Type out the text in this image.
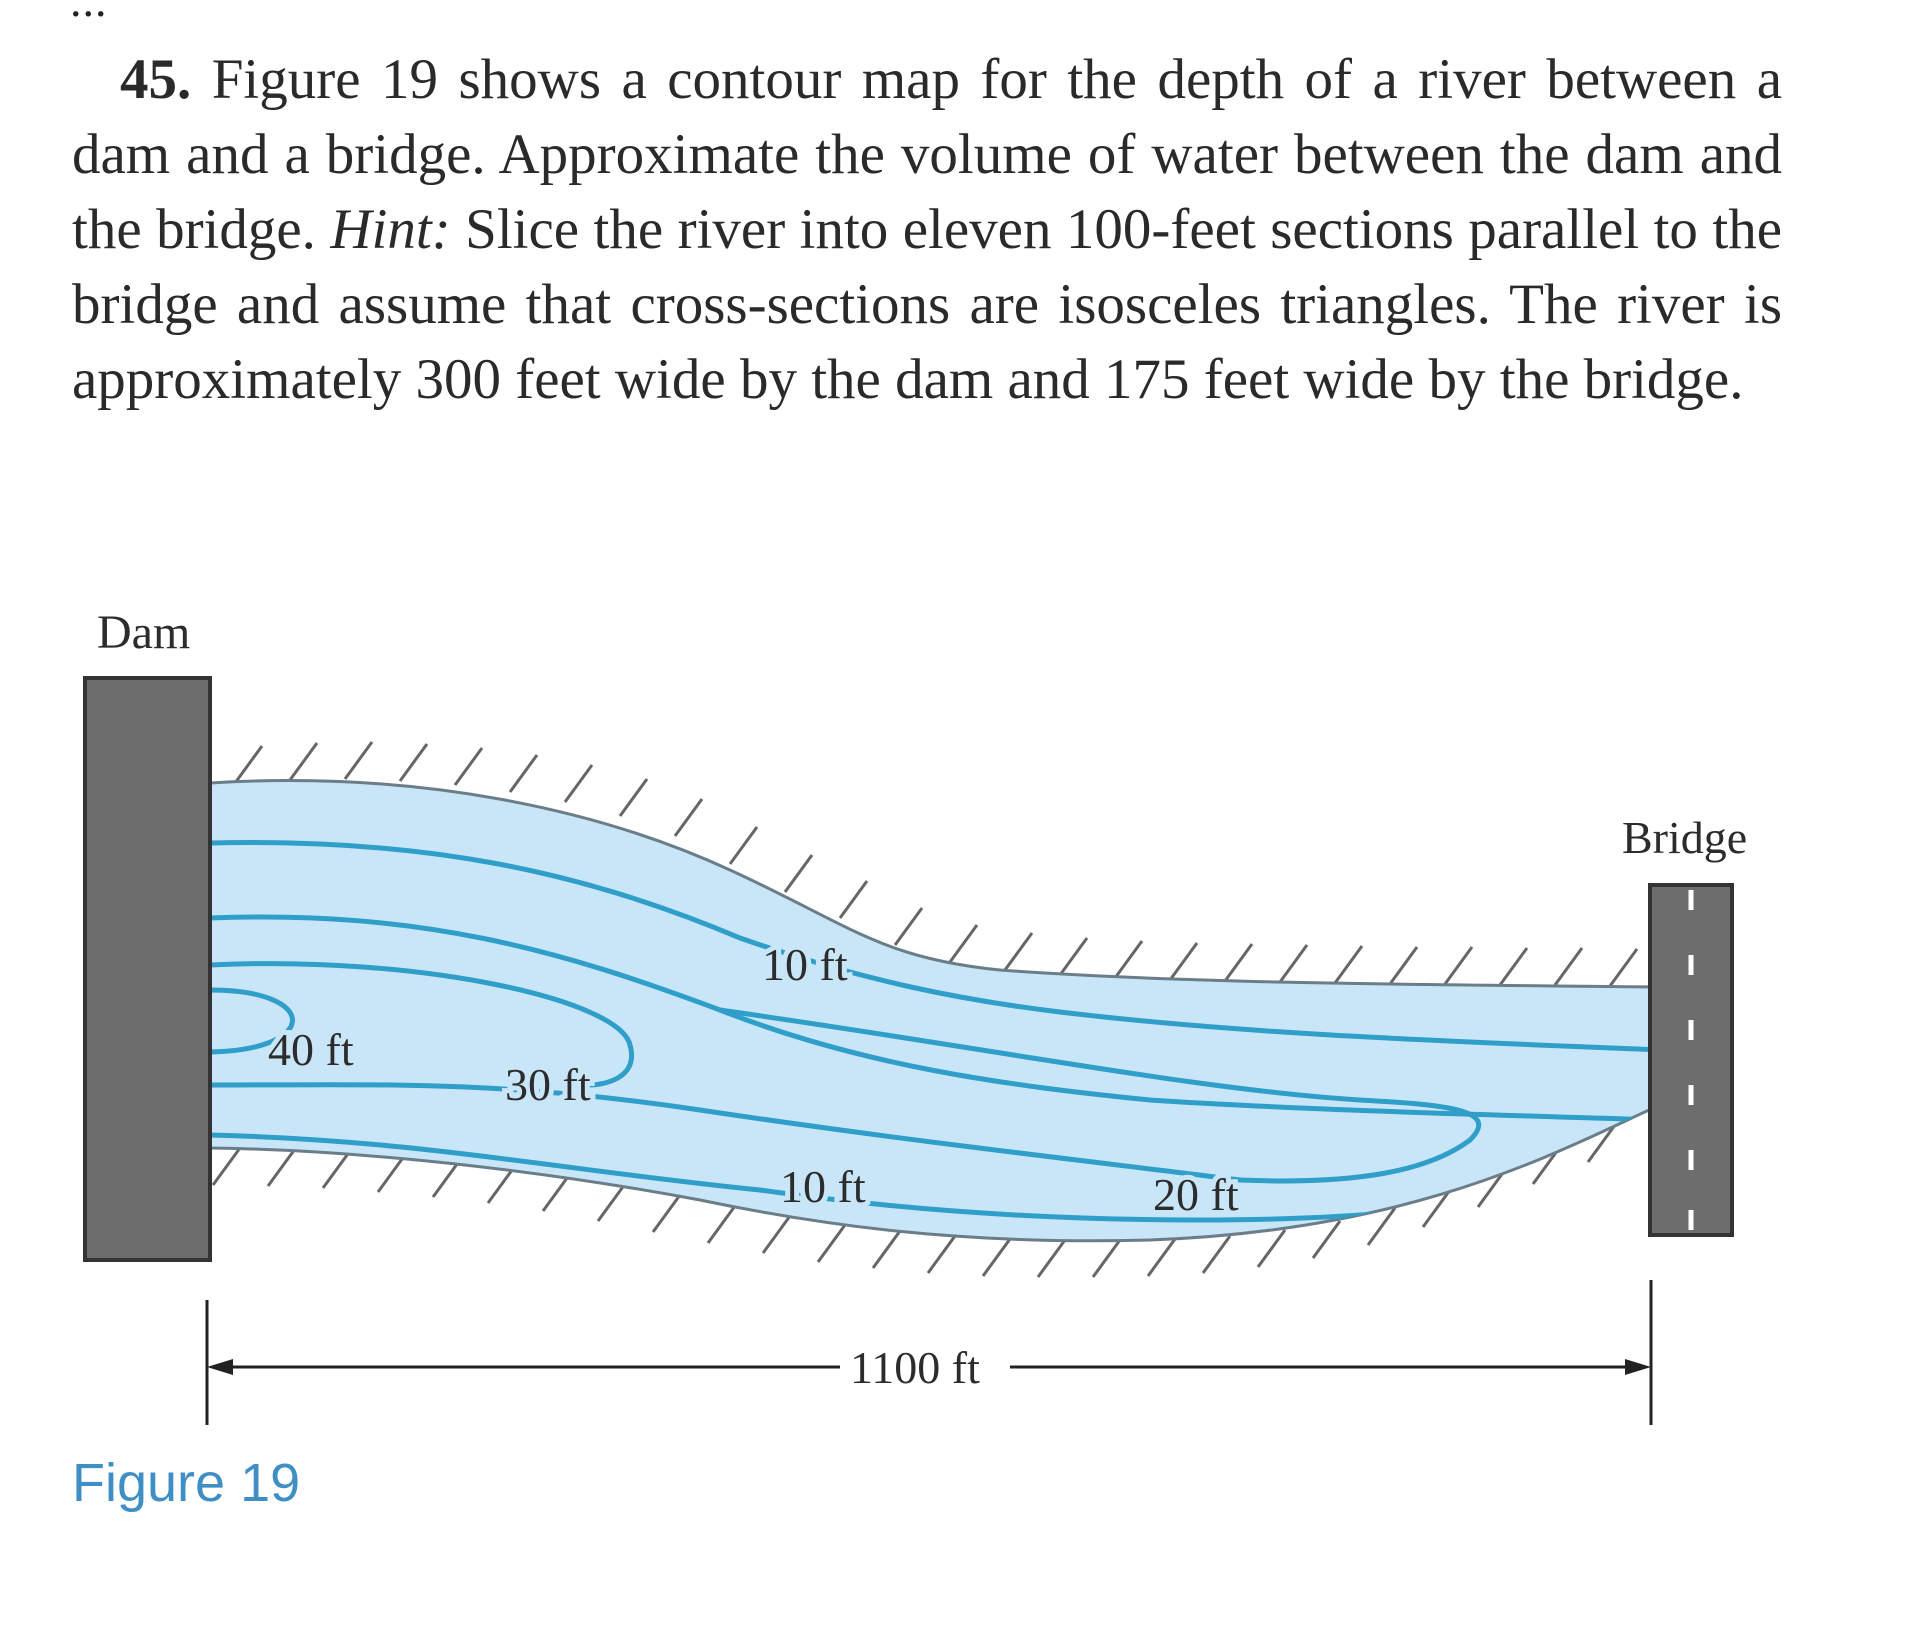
...
45. Figure 19 shows a contour map for the depth of a river between a dam and a bridge. Approximate the volume of water between the dam and the bridge. Hint: Slice the river into eleven 100-feet sections parallel to the bridge and assume that cross-sections are isosceles triangles. The river is approximately 300 feet wide by the dam and 175 feet wide by the bridge.
Dam
Bridge
10 ft
40 ft
30 ft
10 ft	20 ft
1100 ft
Figure 19
